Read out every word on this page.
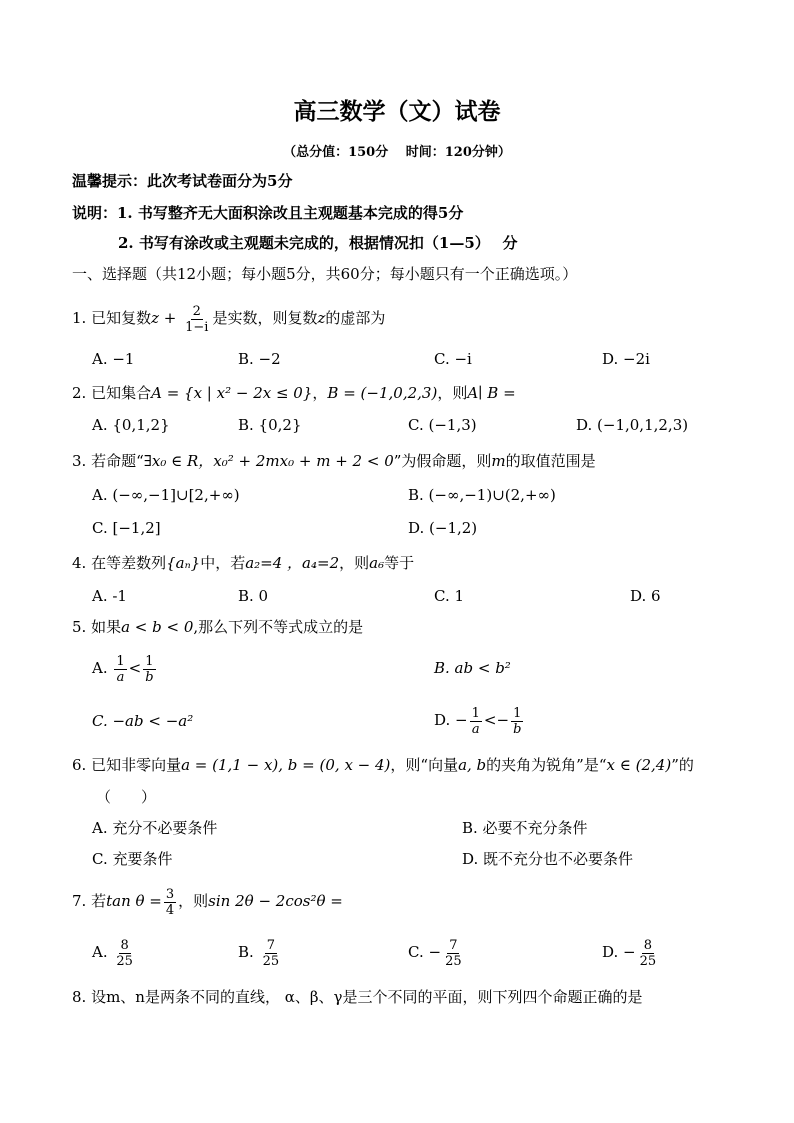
高三数学（文）试卷
（总分值：150分　 时间：120分钟）
温馨提示：此次考试卷面分为5分
说明：1. 书写整齐无大面积涂改且主观题基本完成的得5分
2. 书写有涂改或主观题未完成的，根据情况扣（1—5）　 分
一、选择题（共12小题；每小题5分，共60分；每小题只有一个正确选项。）
1. 已知复数$z + \frac{2}{1-i}$ 是实数，则复数z的虚部为
A. −1	B. −2	C. −i	D. −2i
2. 已知集合A = {x | x² − 2x ≤ 0}，B = (−1,0,2,3)，则A∣ B =
A. {0,1,2}	B. {0,2}	C. (−1,3)	D. (−1,0,1,2,3)
3. 若命题“∃x₀ ∈ R，x₀² + 2mx₀ + m + 2 < 0”为假命题，则m的取值范围是
A. (−∞,−1]∪[2,+∞)	B. (−∞,−1)∪(2,+∞)
C. [−1,2]	D. (−1,2)
4. 在等差数列{aₙ}中，若a₂=4 ，a₄=2，则a₆等于
A. -1	B. 0	C. 1	D. 6
5. 如果a < b < 0,那么下列不等式成立的是
A. $\frac{1}{a} < \frac{1}{b}$	B. ab < b²
C. −ab < −a²	D. − $\frac{1}{a} <- \frac{1}{b}$
6. 已知非零向量a = (1,1 − x), b = (0, x − 4)，则“向量a, b的夹角为锐角”是“x ∈ (2,4)”的
（　　）
A. 充分不必要条件	B. 必要不充分条件
C. 充要条件	D. 既不充分也不必要条件
7. 若$\tan \theta = \frac{3}{4}$ ，则sin 2θ − 2cos²θ =
A. $\frac{8}{25}$	B. $\frac{7}{25}$	C. − $\frac{7}{25}$	D. − $\frac{8}{25}$
8. 设m、n是两条不同的直线， α、β、γ是三个不同的平面，则下列四个命题正确的是
